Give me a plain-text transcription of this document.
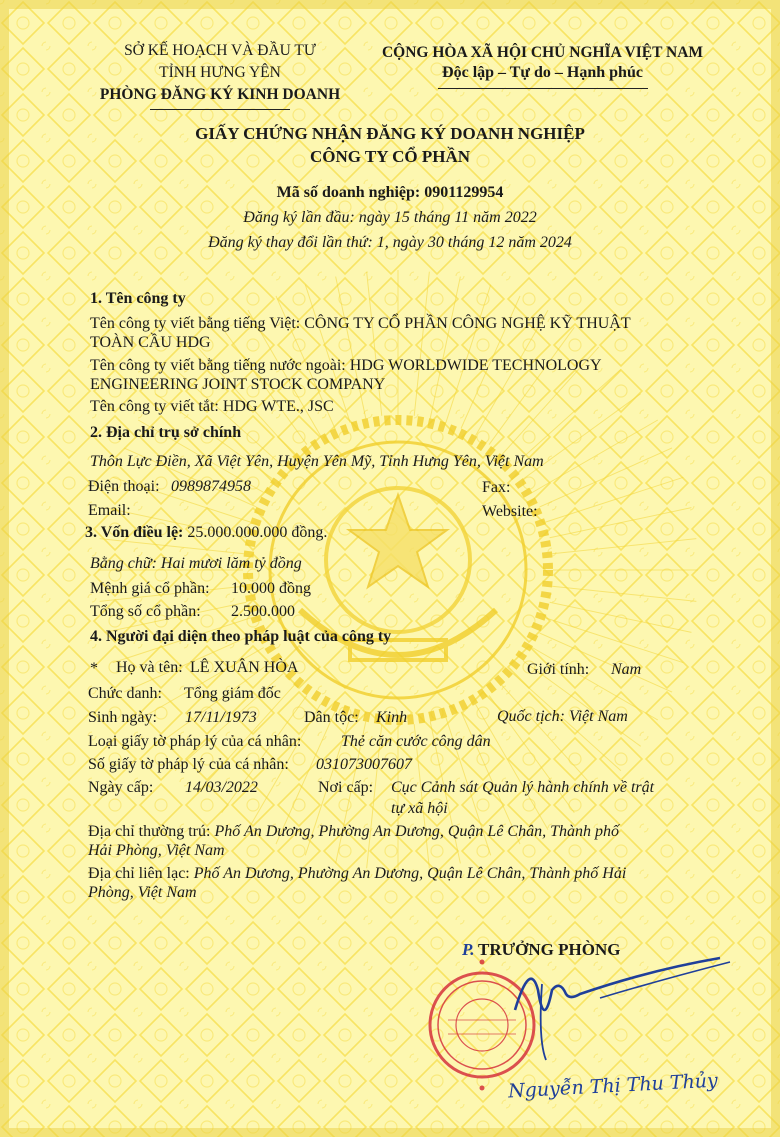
SỞ KẾ HOẠCH VÀ ĐẦU TƯ
TỈNH HƯNG YÊN
PHÒNG ĐĂNG KÝ KINH DOANH
CỘNG HÒA XÃ HỘI CHỦ NGHĨA VIỆT NAM
Độc lập – Tự do – Hạnh phúc
GIẤY CHỨNG NHẬN ĐĂNG KÝ DOANH NGHIỆP
CÔNG TY CỔ PHẦN
Mã số doanh nghiệp: 0901129954
Đăng ký lần đầu: ngày 15 tháng 11 năm 2022
Đăng ký thay đổi lần thứ: 1, ngày 30 tháng 12 năm 2024
1. Tên công ty
Tên công ty viết bằng tiếng Việt: CÔNG TY CỔ PHẦN CÔNG NGHỆ KỸ THUẬT
TOÀN CẦU HDG
Tên công ty viết bằng tiếng nước ngoài: HDG WORLDWIDE TECHNOLOGY
ENGINEERING JOINT STOCK COMPANY
Tên công ty viết tắt: HDG WTE., JSC
2. Địa chỉ trụ sở chính
Thôn Lực Điền, Xã Việt Yên, Huyện Yên Mỹ, Tỉnh Hưng Yên, Việt Nam
Điện thoại: 0989874958	Fax:
Email:	Website:
3. Vốn điều lệ: 25.000.000.000 đồng.
Bằng chữ: Hai mươi lăm tỷ đồng
Mệnh giá cổ phần: 10.000 đồng
Tổng số cổ phần: 2.500.000
4. Người đại diện theo pháp luật của công ty
* Họ và tên: LÊ XUÂN HÒA	Giới tính: Nam
Chức danh: Tổng giám đốc
Sinh ngày: 17/11/1973	Dân tộc: Kinh	Quốc tịch: Việt Nam
Loại giấy tờ pháp lý của cá nhân: Thẻ căn cước công dân
Số giấy tờ pháp lý của cá nhân: 031073007607
Ngày cấp: 14/03/2022	Nơi cấp: Cục Cảnh sát Quản lý hành chính về trật
tự xã hội
Địa chỉ thường trú: Phố An Dương, Phường An Dương, Quận Lê Chân, Thành phố
Hải Phòng, Việt Nam
Địa chỉ liên lạc: Phố An Dương, Phường An Dương, Quận Lê Chân, Thành phố Hải
Phòng, Việt Nam
P. TRƯỞNG PHÒNG
Nguyễn Thị Thu Thủy
